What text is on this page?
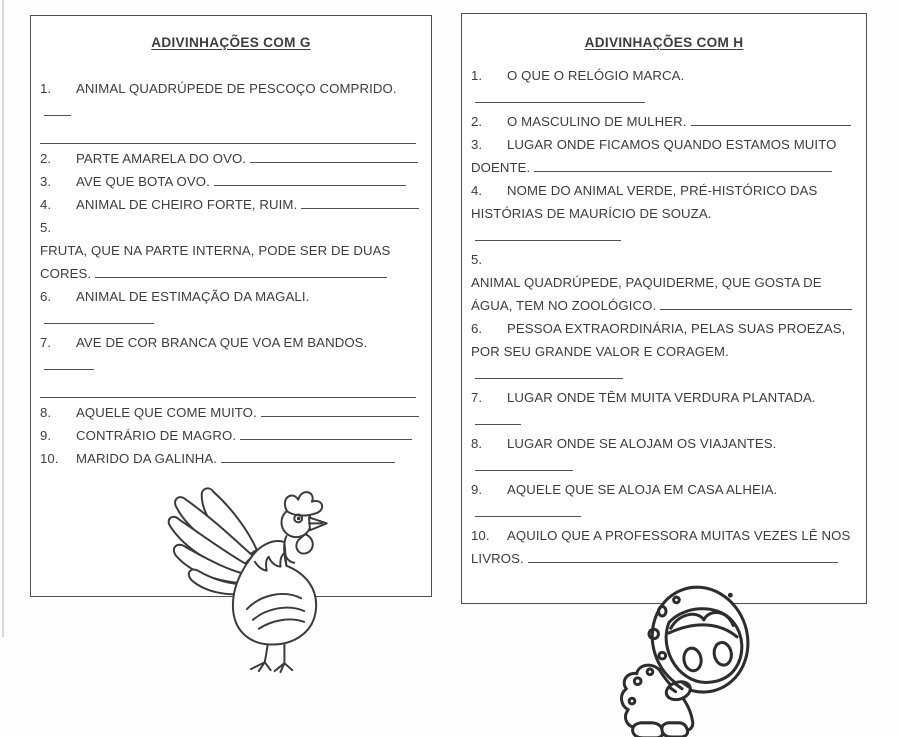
ADIVINHAÇÕES COM G
1. ANIMAL QUADRÚPEDE DE PESCOÇO COMPRIDO.
2. PARTE AMARELA DO OVO.
3. AVE QUE BOTA OVO.
4. ANIMAL DE CHEIRO FORTE, RUIM.
5.FRUTA, QUE NA PARTE INTERNA, PODE SER DE DUAS
CORES.
6. ANIMAL DE ESTIMAÇÃO DA MAGALI.
7. AVE DE COR BRANCA QUE VOA EM BANDOS.
8. AQUELE QUE COME MUITO.
9. CONTRÁRIO DE MAGRO.
10. MARIDO DA GALINHA.
ADIVINHAÇÕES COM H
1. O QUE O RELÓGIO MARCA.
2. O MASCULINO DE MULHER.
3. LUGAR ONDE FICAMOS QUANDO ESTAMOS MUITO
DOENTE.
4. NOME DO ANIMAL VERDE, PRÉ-HISTÓRICO DAS
HISTÓRIAS DE MAURÍCIO DE SOUZA.
5.ANIMAL QUADRÚPEDE, PAQUIDERME, QUE GOSTA DE
ÁGUA, TEM NO ZOOLÓGICO.
6. PESSOA EXTRAORDINÁRIA, PELAS SUAS PROEZAS,
POR SEU GRANDE VALOR E CORAGEM.
7. LUGAR ONDE TÊM MUITA VERDURA PLANTADA.
8. LUGAR ONDE SE ALOJAM OS VIAJANTES.
9. AQUELE QUE SE ALOJA EM CASA ALHEIA.
10. AQUILO QUE A PROFESSORA MUITAS VEZES LÊ NOS
LIVROS.
